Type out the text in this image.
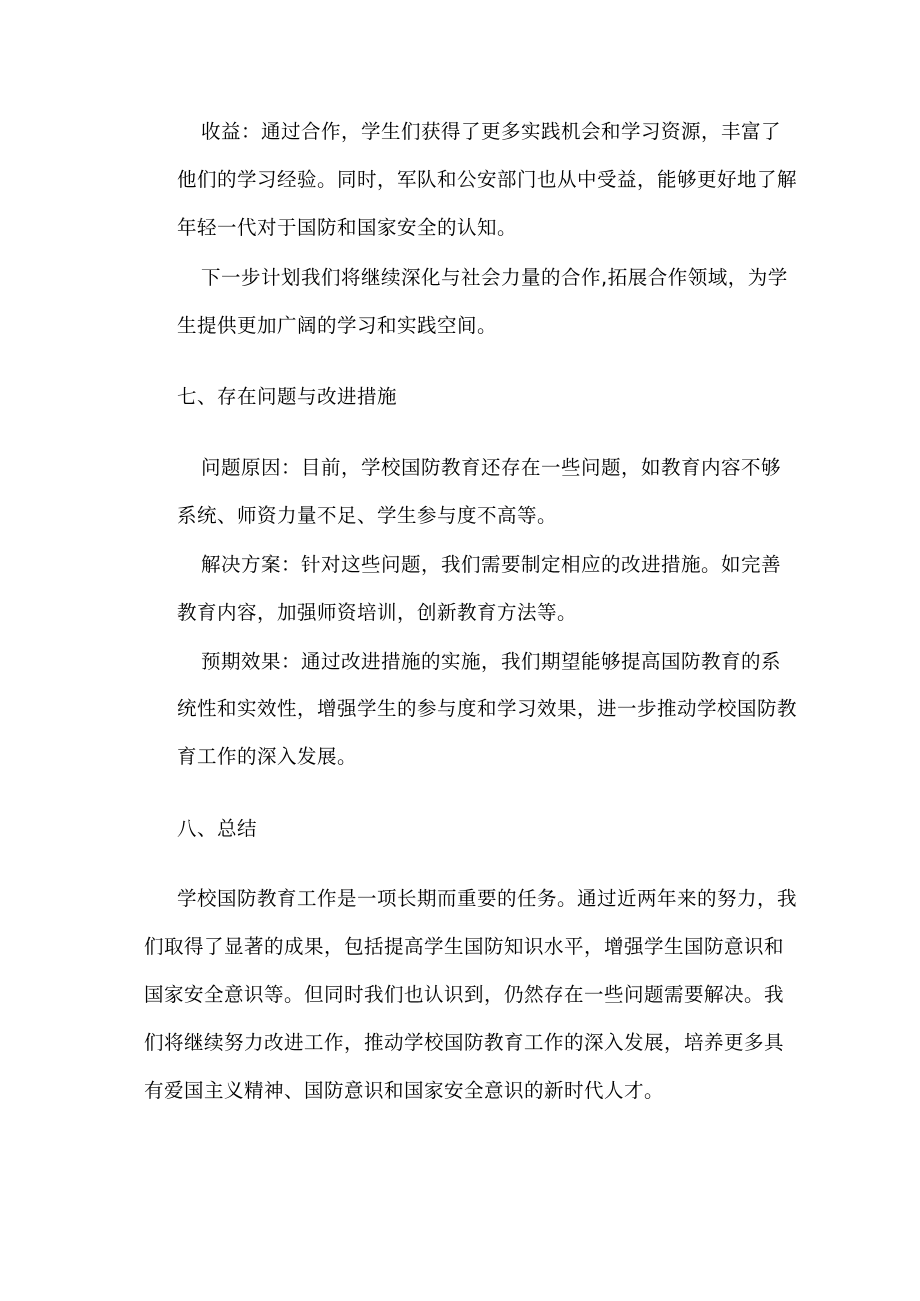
收益：通过合作，学生们获得了更多实践机会和学习资源，丰富了

他们的学习经验。同时，军队和公安部门也从中受益，能够更好地了解

年轻一代对于国防和国家安全的认知。

下一步计划我们将继续深化与社会力量的合作,拓展合作领域，为学

生提供更加广阔的学习和实践空间。

七、存在问题与改进措施

问题原因：目前，学校国防教育还存在一些问题，如教育内容不够

系统、师资力量不足、学生参与度不高等。

解决方案：针对这些问题，我们需要制定相应的改进措施。如完善

教育内容，加强师资培训，创新教育方法等。

预期效果：通过改进措施的实施，我们期望能够提高国防教育的系

统性和实效性，增强学生的参与度和学习效果，进一步推动学校国防教

育工作的深入发展。

八、总结

学校国防教育工作是一项长期而重要的任务。通过近两年来的努力，我

们取得了显著的成果，包括提高学生国防知识水平，增强学生国防意识和

国家安全意识等。但同时我们也认识到，仍然存在一些问题需要解决。我

们将继续努力改进工作，推动学校国防教育工作的深入发展，培养更多具

有爱国主义精神、国防意识和国家安全意识的新时代人才。
